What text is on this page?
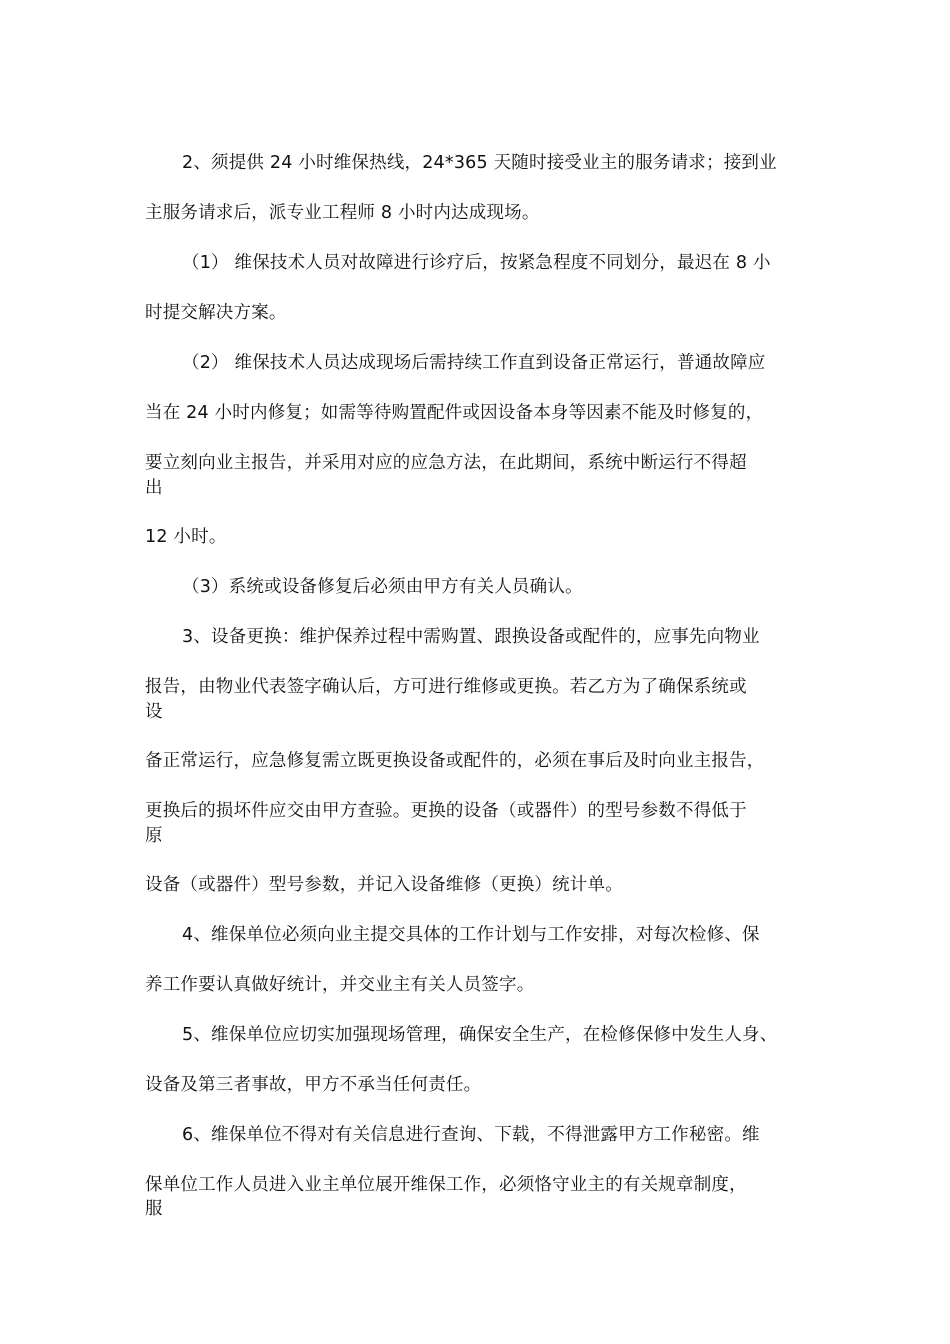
2、须提供 24 小时维保热线，24*365 天随时接受业主的服务请求；接到业
主服务请求后，派专业工程师 8 小时内达成现场。
（1） 维保技术人员对故障进行诊疗后，按紧急程度不同划分，最迟在 8 小
时提交解决方案。
（2） 维保技术人员达成现场后需持续工作直到设备正常运行，普通故障应
当在 24 小时内修复；如需等待购置配件或因设备本身等因素不能及时修复的，
要立刻向业主报告，并采用对应的应急方法，在此期间，系统中断运行不得超
出
12 小时。
（3）系统或设备修复后必须由甲方有关人员确认。
3、设备更换：维护保养过程中需购置、跟换设备或配件的，应事先向物业
报告，由物业代表签字确认后，方可进行维修或更换。若乙方为了确保系统或
设
备正常运行，应急修复需立既更换设备或配件的，必须在事后及时向业主报告，
更换后的损坏件应交由甲方查验。更换的设备（或器件）的型号参数不得低于
原
设备（或器件）型号参数，并记入设备维修（更换）统计单。
4、维保单位必须向业主提交具体的工作计划与工作安排，对每次检修、保
养工作要认真做好统计，并交业主有关人员签字。
5、维保单位应切实加强现场管理，确保安全生产，在检修保修中发生人身、
设备及第三者事故，甲方不承当任何责任。
6、维保单位不得对有关信息进行查询、下载，不得泄露甲方工作秘密。维
保单位工作人员进入业主单位展开维保工作，必须恪守业主的有关规章制度，
服
